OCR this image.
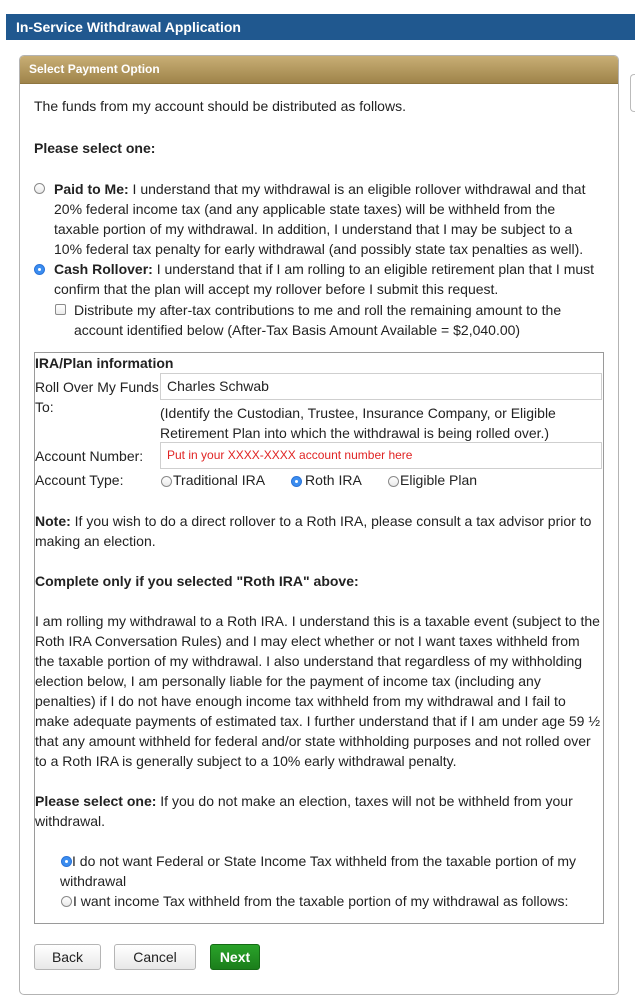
In-Service Withdrawal Application
Select Payment Option
The funds from my account should be distributed as follows.
Please select one:
Paid to Me: I understand that my withdrawal is an eligible rollover withdrawal and that 20% federal income tax (and any applicable state taxes) will be withheld from the taxable portion of my withdrawal. In addition, I understand that I may be subject to a 10% federal tax penalty for early withdrawal (and possibly state tax penalties as well).
Cash Rollover: I understand that if I am rolling to an eligible retirement plan that I must confirm that the plan will accept my rollover before I submit this request.
Distribute my after-tax contributions to me and roll the remaining amount to the account identified below (After-Tax Basis Amount Available = $2,040.00)
IRA/Plan information
Roll Over My Funds To:
Charles Schwab
(Identify the Custodian, Trustee, Insurance Company, or Eligible Retirement Plan into which the withdrawal is being rolled over.)
Account Number:	Put in your XXXX-XXXX account number here
Account Type:	Traditional IRA	Roth IRA	Eligible Plan
Note: If you wish to do a direct rollover to a Roth IRA, please consult a tax advisor prior to making an election.
Complete only if you selected "Roth IRA" above:
I am rolling my withdrawal to a Roth IRA. I understand this is a taxable event (subject to the Roth IRA Conversation Rules) and I may elect whether or not I want taxes withheld from the taxable portion of my withdrawal. I also understand that regardless of my withholding election below, I am personally liable for the payment of income tax (including any penalties) if I do not have enough income tax withheld from my withdrawal and I fail to make adequate payments of estimated tax. I further understand that if I am under age 59 ½ that any amount withheld for federal and/or state withholding purposes and not rolled over to a Roth IRA is generally subject to a 10% early withdrawal penalty.
Please select one: If you do not make an election, taxes will not be withheld from your withdrawal.
I do not want Federal or State Income Tax withheld from the taxable portion of my withdrawal
I want income Tax withheld from the taxable portion of my withdrawal as follows:
Back	Cancel	Next
